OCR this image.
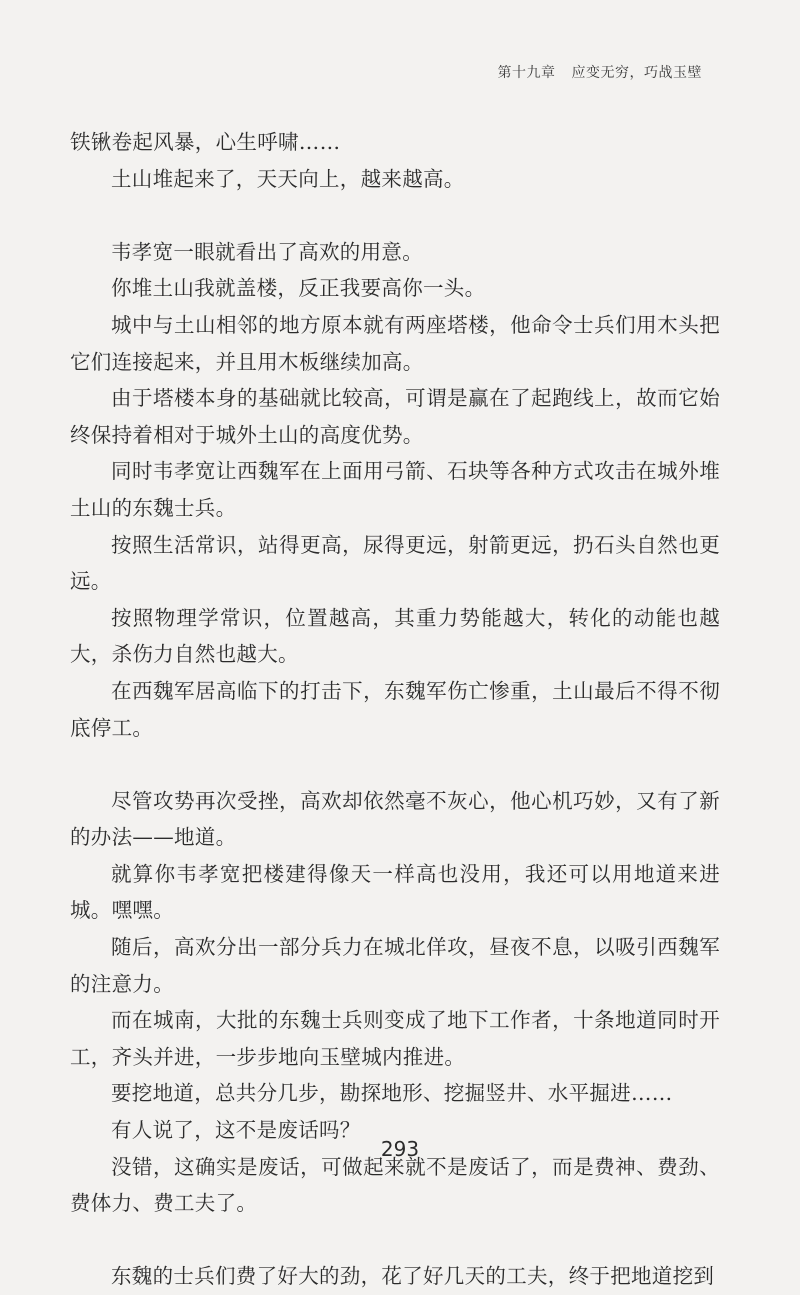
第十九章 应变无穷，巧战玉壁

铁锹卷起风暴，心生呼啸……

土山堆起来了，天天向上，越来越高。

韦孝宽一眼就看出了高欢的用意。

你堆土山我就盖楼，反正我要高你一头。

城中与土山相邻的地方原本就有两座塔楼，他命令士兵们用木头把它们连接起来，并且用木板继续加高。

由于塔楼本身的基础就比较高，可谓是赢在了起跑线上，故而它始终保持着相对于城外土山的高度优势。

同时韦孝宽让西魏军在上面用弓箭、石块等各种方式攻击在城外堆土山的东魏士兵。

按照生活常识，站得更高，尿得更远，射箭更远，扔石头自然也更远。

按照物理学常识，位置越高，其重力势能越大，转化的动能也越大，杀伤力自然也越大。

在西魏军居高临下的打击下，东魏军伤亡惨重，土山最后不得不彻底停工。

尽管攻势再次受挫，高欢却依然毫不灰心，他心机巧妙，又有了新的办法——地道。

就算你韦孝宽把楼建得像天一样高也没用，我还可以用地道来进城。嘿嘿。

随后，高欢分出一部分兵力在城北佯攻，昼夜不息，以吸引西魏军的注意力。

而在城南，大批的东魏士兵则变成了地下工作者，十条地道同时开工，齐头并进，一步步地向玉壁城内推进。

要挖地道，总共分几步，勘探地形、挖掘竖井、水平掘进……

有人说了，这不是废话吗？

没错，这确实是废话，可做起来就不是废话了，而是费神、费劲、费体力、费工夫了。

东魏的士兵们费了好大的劲，花了好几天的工夫，终于把地道挖到

293
